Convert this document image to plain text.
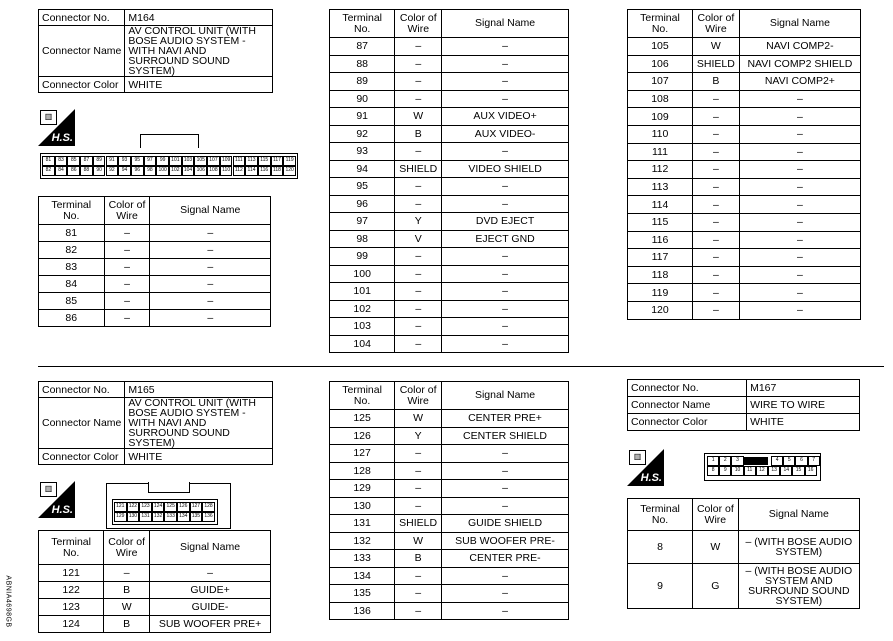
Connector No.	M164
Connector Name	AV CONTROL UNIT (WITH BOSE AUDIO SYSTEM - WITH NAVI AND SURROUND SOUND SYSTEM)
Connector Color	WHITE
▥
H.S.
81	83	85	87	89	91	93	95	97	99	101 103 105 107 109 111 113 115 117 119
82	84	86	88	90	92	94	96	98	100 102 104 106 108 110 112 114 116 118 120
Terminal No.	Color of Wire	Signal Name
81	–	–
82	–	–
83	–	–
84	–	–
85	–	–
86	–	–
Terminal No.	Color of Wire	Signal Name
87	–	–
88	–	–
89	–	–
90	–	–
91	W	AUX VIDEO+
92	B	AUX VIDEO-
93	–	–
94	SHIELD	VIDEO SHIELD
95	–	–
96	–	–
97	Y	DVD EJECT
98	V	EJECT GND
99	–	–
100	–	–
101	–	–
102	–	–
103	–	–
104	–	–
Terminal No.	Color of Wire	Signal Name
105	W	NAVI COMP2-
106	SHIELD	NAVI COMP2 SHIELD
107	B	NAVI COMP2+
108	–	–
109	–	–
110	–	–
111	–	–
112	–	–
113	–	–
114	–	–
115	–	–
116	–	–
117	–	–
118	–	–
119	–	–
120	–	–
Connector No.	M165
Connector Name	AV CONTROL UNIT (WITH BOSE AUDIO SYSTEM - WITH NAVI AND SURROUND SOUND SYSTEM)
Connector Color	WHITE
▥
H.S.	121 122 123 124 125 126 127 128
129 130 131 132 133 134 135 136
Terminal No.	Color of Wire	Signal Name
121	–	–
122	B	GUIDE+
123	W	GUIDE-
124	B	SUB WOOFER PRE+
Terminal No.	Color of Wire	Signal Name
125	W	CENTER PRE+
126	Y	CENTER SHIELD
127	–	–
128	–	–
129	–	–
130	–	–
131	SHIELD	GUIDE SHIELD
132	W	SUB WOOFER PRE-
133	B	CENTER PRE-
134	–	–
135	–	–
136	–	–
Connector No.	M167
Connector Name	WIRE TO WIRE
Connector Color	WHITE
▥
H.S.
1	2	3
8	9	10	11	12	13	14	15	16
4	5	6	7
Terminal No.	Color of Wire	Signal Name
8	W	– (WITH BOSE AUDIO SYSTEM)
9	G	– (WITH BOSE AUDIO SYSTEM AND SURROUND SOUND SYSTEM)
ABNIA4698GB
